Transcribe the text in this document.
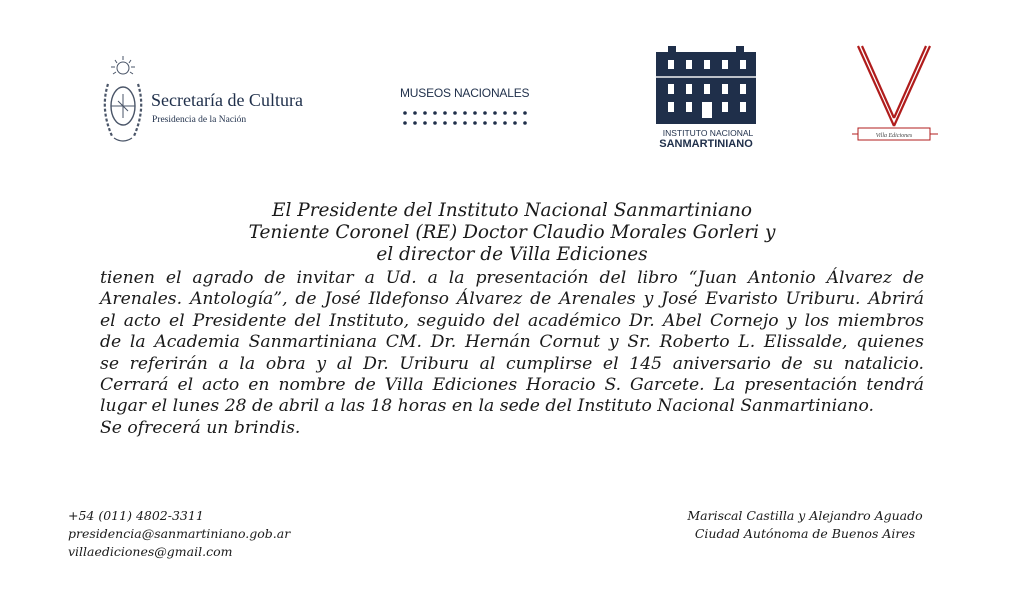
Secretaría de Cultura
Presidencia de la Nación
MUSEOS NACIONALES
INSTITUTO NACIONAL
SANMARTINIANO
Villa Ediciones
El Presidente del Instituto Nacional Sanmartiniano
Teniente Coronel (RE) Doctor Claudio Morales Gorleri y
el director de Villa Ediciones
tienen el agrado de invitar a Ud. a la presentación del libro “Juan Antonio Álvarez de
Arenales. Antología”, de José Ildefonso Álvarez de Arenales y José Evaristo Uriburu. Abrirá
el acto el Presidente del Instituto, seguido del académico Dr. Abel Cornejo y los miembros
de la Academia Sanmartiniana CM. Dr. Hernán Cornut y Sr. Roberto L. Elissalde, quienes
se referirán a la obra y al Dr. Uriburu al cumplirse el 145 aniversario de su natalicio.
Cerrará el acto en nombre de Villa Ediciones Horacio S. Garcete. La presentación tendrá
lugar el lunes 28 de abril a las 18 horas en la sede del Instituto Nacional Sanmartiniano.
Se ofrecerá un brindis.
+54 (011) 4802-3311
presidencia@sanmartiniano.gob.ar
villaediciones@gmail.com
Mariscal Castilla y Alejandro Aguado
Ciudad Autónoma de Buenos Aires
